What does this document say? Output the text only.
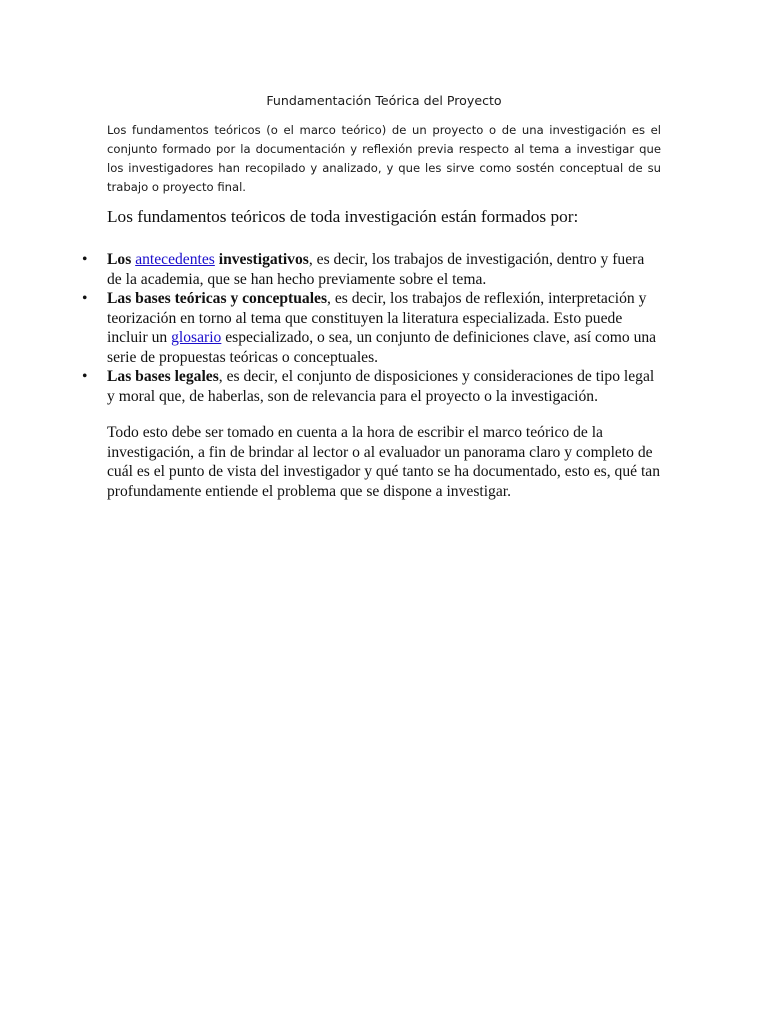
Fundamentación Teórica del Proyecto

Los fundamentos teóricos (o el marco teórico) de un proyecto o de una investigación es el conjunto formado por la documentación y reflexión previa respecto al tema a investigar que los investigadores han recopilado y analizado, y que les sirve como sostén conceptual de su trabajo o proyecto final.

Los fundamentos teóricos de toda investigación están formados por:

• Los antecedentes investigativos, es decir, los trabajos de investigación, dentro y fuera de la academia, que se han hecho previamente sobre el tema.
• Las bases teóricas y conceptuales, es decir, los trabajos de reflexión, interpretación y teorización en torno al tema que constituyen la literatura especializada. Esto puede incluir un glosario especializado, o sea, un conjunto de definiciones clave, así como una serie de propuestas teóricas o conceptuales.
• Las bases legales, es decir, el conjunto de disposiciones y consideraciones de tipo legal y moral que, de haberlas, son de relevancia para el proyecto o la investigación.

Todo esto debe ser tomado en cuenta a la hora de escribir el marco teórico de la investigación, a fin de brindar al lector o al evaluador un panorama claro y completo de cuál es el punto de vista del investigador y qué tanto se ha documentado, esto es, qué tan profundamente entiende el problema que se dispone a investigar.
